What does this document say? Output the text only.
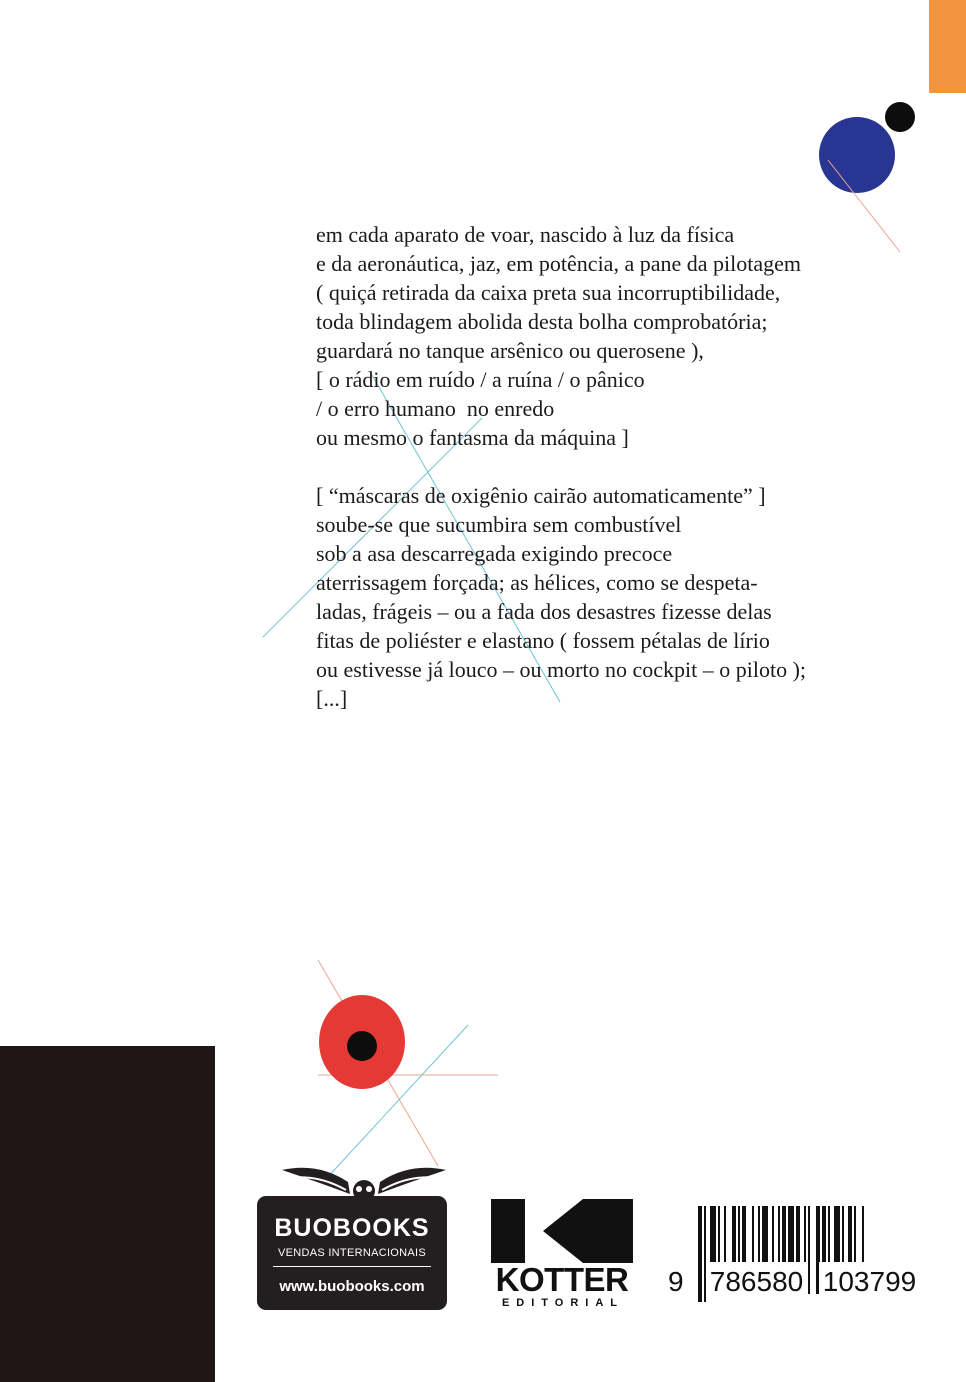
em cada aparato de voar, nascido à luz da física
e da aeronáutica, jaz, em potência, a pane da pilotagem
( quiçá retirada da caixa preta sua incorruptibilidade,
toda blindagem abolida desta bolha comprobatória;
guardará no tanque arsênico ou querosene ),
[ o rádio em ruído / a ruína / o pânico
/ o erro humano  no enredo
ou mesmo o fantasma da máquina ]
[ “máscaras de oxigênio cairão automaticamente” ]
soube-se que sucumbira sem combustível
sob a asa descarregada exigindo precoce
aterrissagem forçada; as hélices, como se despeta-
ladas, frágeis – ou a fada dos desastres fizesse delas
fitas de poliéster e elastano ( fossem pétalas de lírio
ou estivesse já louco – ou morto no cockpit – o piloto );
[...]
BUOBOOKS
VENDAS INTERNACIONAIS
www.buobooks.com	KOTTER
EDITORIAL
9 786580 103799
